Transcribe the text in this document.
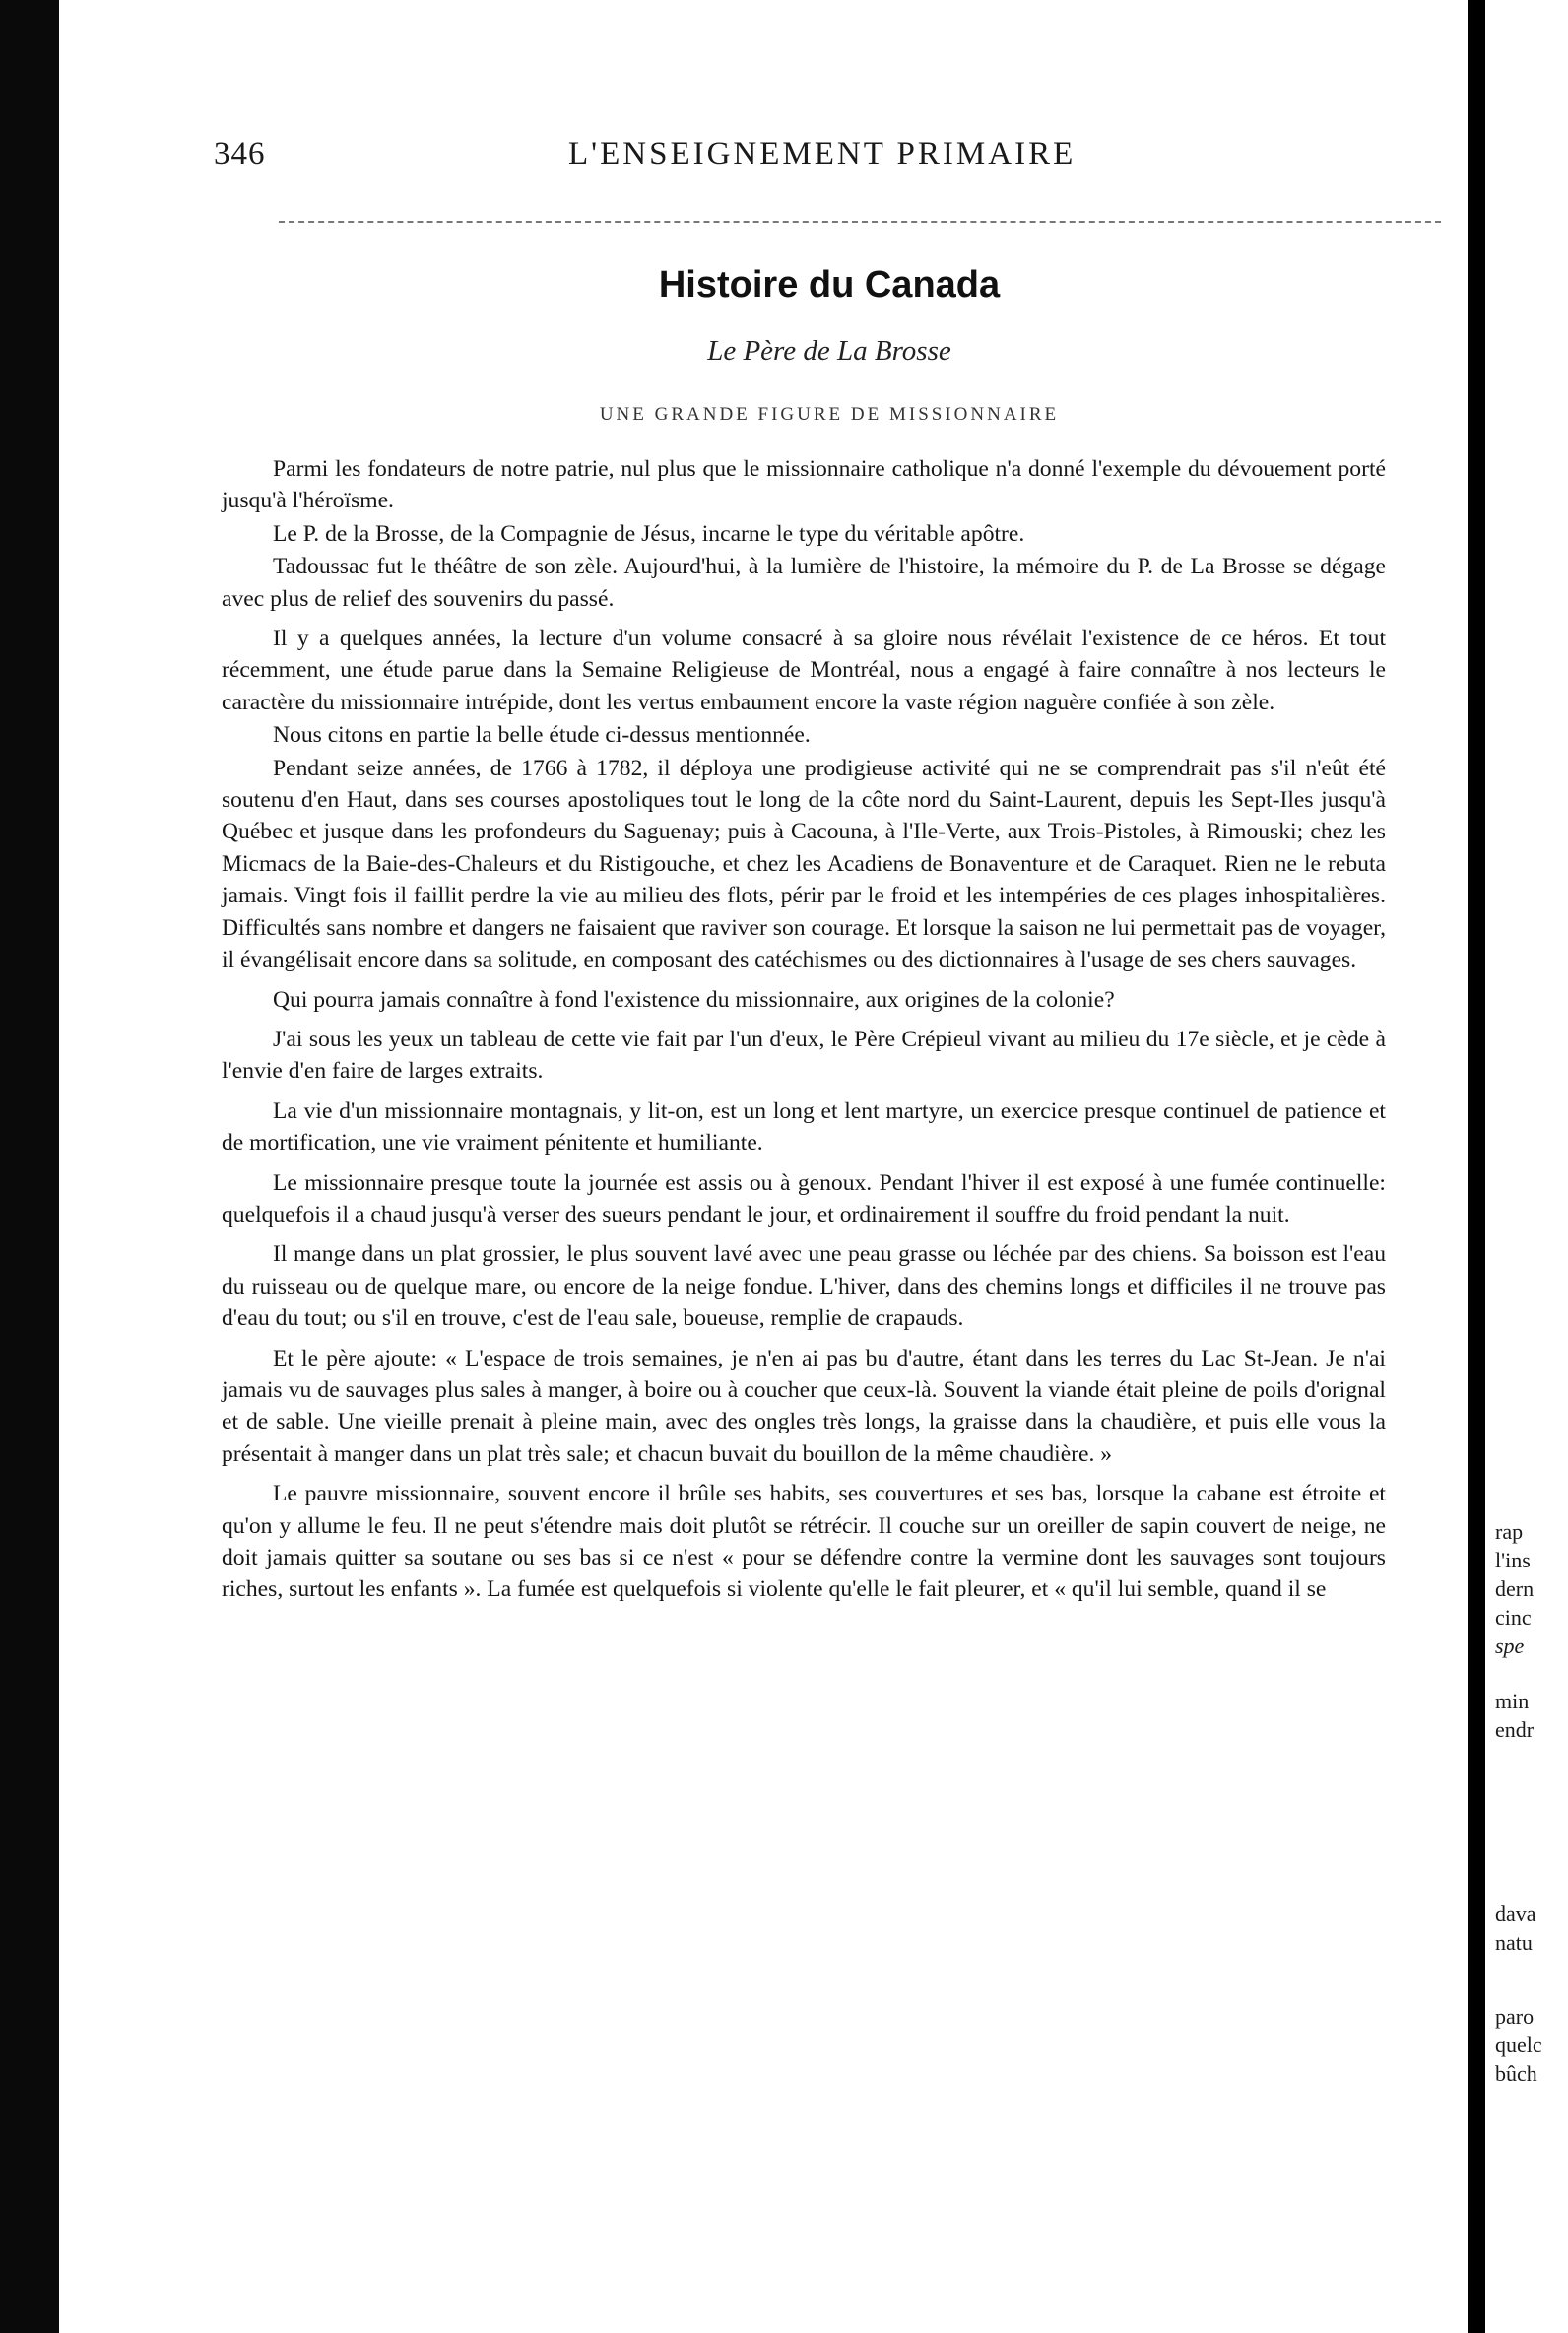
346	L'ENSEIGNEMENT PRIMAIRE
Histoire du Canada
Le Père de La Brosse
UNE GRANDE FIGURE DE MISSIONNAIRE

Parmi les fondateurs de notre patrie, nul plus que le missionnaire catholique n'a donné l'exemple du dévouement porté jusqu'à l'héroïsme.

Le P. de la Brosse, de la Compagnie de Jésus, incarne le type du véritable apôtre.

Tadoussac fut le théâtre de son zèle. Aujourd'hui, à la lumière de l'histoire, la mémoire du P. de La Brosse se dégage avec plus de relief des souvenirs du passé.

Il y a quelques années, la lecture d'un volume consacré à sa gloire nous révélait l'existence de ce héros. Et tout récemment, une étude parue dans la Semaine Religieuse de Montréal, nous a engagé à faire connaître à nos lecteurs le caractère du missionnaire intrépide, dont les vertus embaument encore la vaste région naguère confiée à son zèle.

Nous citons en partie la belle étude ci-dessus mentionnée.

Pendant seize années, de 1766 à 1782, il déploya une prodigieuse activité qui ne se comprendrait pas s'il n'eût été soutenu d'en Haut, dans ses courses apostoliques tout le long de la côte nord du Saint-Laurent, depuis les Sept-Iles jusqu'à Québec et jusque dans les profondeurs du Saguenay; puis à Cacouna, à l'Ile-Verte, aux Trois-Pistoles, à Rimouski; chez les Micmacs de la Baie-des-Chaleurs et du Ristigouche, et chez les Acadiens de Bonaventure et de Caraquet. Rien ne le rebuta jamais. Vingt fois il faillit perdre la vie au milieu des flots, périr par le froid et les intempéries de ces plages inhospitalières. Difficultés sans nombre et dangers ne faisaient que raviver son courage. Et lorsque la saison ne lui permettait pas de voyager, il évangélisait encore dans sa solitude, en composant des catéchismes ou des dictionnaires à l'usage de ses chers sauvages.

Qui pourra jamais connaître à fond l'existence du missionnaire, aux origines de la colonie?

J'ai sous les yeux un tableau de cette vie fait par l'un d'eux, le Père Crépieul vivant au milieu du 17e siècle, et je cède à l'envie d'en faire de larges extraits.

La vie d'un missionnaire montagnais, y lit-on, est un long et lent martyre, un exercice presque continuel de patience et de mortification, une vie vraiment pénitente et humiliante.

Le missionnaire presque toute la journée est assis ou à genoux. Pendant l'hiver il est exposé à une fumée continuelle: quelquefois il a chaud jusqu'à verser des sueurs pendant le jour, et ordinairement il souffre du froid pendant la nuit.

Il mange dans un plat grossier, le plus souvent lavé avec une peau grasse ou léchée par des chiens. Sa boisson est l'eau du ruisseau ou de quelque mare, ou encore de la neige fondue. L'hiver, dans des chemins longs et difficiles il ne trouve pas d'eau du tout; ou s'il en trouve, c'est de l'eau sale, boueuse, remplie de crapauds.

Et le père ajoute: « L'espace de trois semaines, je n'en ai pas bu d'autre, étant dans les terres du Lac St-Jean. Je n'ai jamais vu de sauvages plus sales à manger, à boire ou à coucher que ceux-là. Souvent la viande était pleine de poils d'orignal et de sable. Une vieille prenait à pleine main, avec des ongles très longs, la graisse dans la chaudière, et puis elle vous la présentait à manger dans un plat très sale; et chacun buvait du bouillon de la même chaudière. »

Le pauvre missionnaire, souvent encore il brûle ses habits, ses couvertures et ses bas, lorsque la cabane est étroite et qu'on y allume le feu. Il ne peut s'étendre mais doit plutôt se rétrécir. Il couche sur un oreiller de sapin couvert de neige, ne doit jamais quitter sa soutane ou ses bas si ce n'est « pour se défendre contre la vermine dont les sauvages sont toujours riches, surtout les enfants ». La fumée est quelquefois si violente qu'elle le fait pleurer, et « qu'il lui semble, quand il se

rap
l'ins
dern
cinc
spe
min
endr
dava
natu
paro
quelc
bûch
